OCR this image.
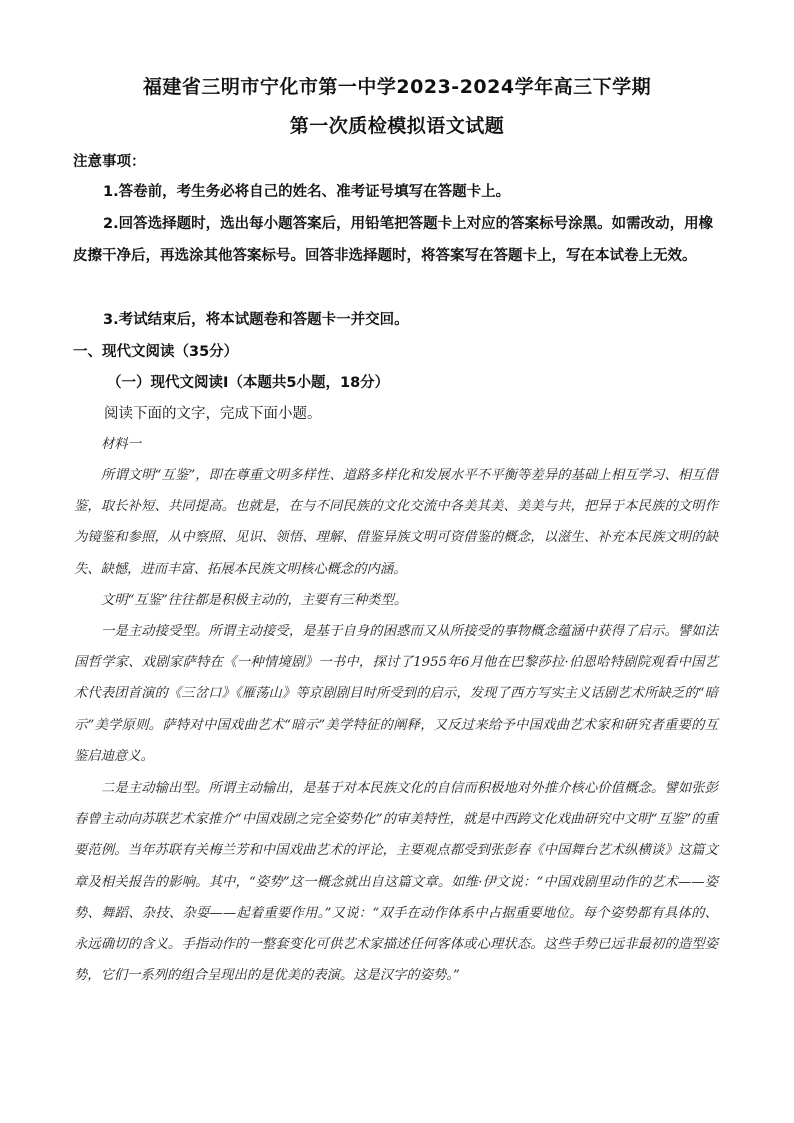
福建省三明市宁化市第一中学2023-2024学年高三下学期
第一次质检模拟语文试题
注意事项：
1.答卷前，考生务必将自己的姓名、准考证号填写在答题卡上。
2.回答选择题时，选出每小题答案后，用铅笔把答题卡上对应的答案标号涂黑。如需改动，用橡皮擦干净后，再选涂其他答案标号。回答非选择题时，将答案写在答题卡上，写在本试卷上无效。
3.考试结束后，将本试题卷和答题卡一并交回。
一、现代文阅读（35分）
（一）现代文阅读Ⅰ（本题共5小题，18分）
阅读下面的文字，完成下面小题。

材料一

所谓文明“互鉴”，即在尊重文明多样性、道路多样化和发展水平不平衡等差异的基础上相互学习、相互借鉴，取长补短、共同提高。也就是，在与不同民族的文化交流中各美其美、美美与共，把异于本民族的文明作为镜鉴和参照，从中察照、见识、领悟、理解、借鉴异族文明可资借鉴的概念，以滋生、补充本民族文明的缺失、缺憾，进而丰富、拓展本民族文明核心概念的内涵。

文明“互鉴”往往都是积极主动的，主要有三种类型。

一是主动接受型。所谓主动接受，是基于自身的困惑而又从所接受的事物概念蕴涵中获得了启示。譬如法国哲学家、戏剧家萨特在《一种情境剧》一书中，探讨了1955年6月他在巴黎莎拉·伯恩哈特剧院观看中国艺术代表团首演的《三岔口》《雁荡山》等京剧剧目时所受到的启示，发现了西方写实主义话剧艺术所缺乏的“暗示”美学原则。萨特对中国戏曲艺术“暗示”美学特征的阐释，又反过来给予中国戏曲艺术家和研究者重要的互鉴启迪意义。

二是主动输出型。所谓主动输出，是基于对本民族文化的自信而积极地对外推介核心价值概念。譬如张彭春曾主动向苏联艺术家推介“中国戏剧之完全姿势化”的审美特性，就是中西跨文化戏曲研究中文明“互鉴”的重要范例。当年苏联有关梅兰芳和中国戏曲艺术的评论，主要观点都受到张彭春《中国舞台艺术纵横谈》这篇文章及相关报告的影响。其中，“姿势”这一概念就出自这篇文章。如维·伊文说：“中国戏剧里动作的艺术——姿势、舞蹈、杂技、杂耍——起着重要作用。”又说：“双手在动作体系中占据重要地位。每个姿势都有具体的、永远确切的含义。手指动作的一整套变化可供艺术家描述任何客体或心理状态。这些手势已远非最初的造型姿势，它们一系列的组合呈现出的是优美的表演。这是汉字的姿势。”
